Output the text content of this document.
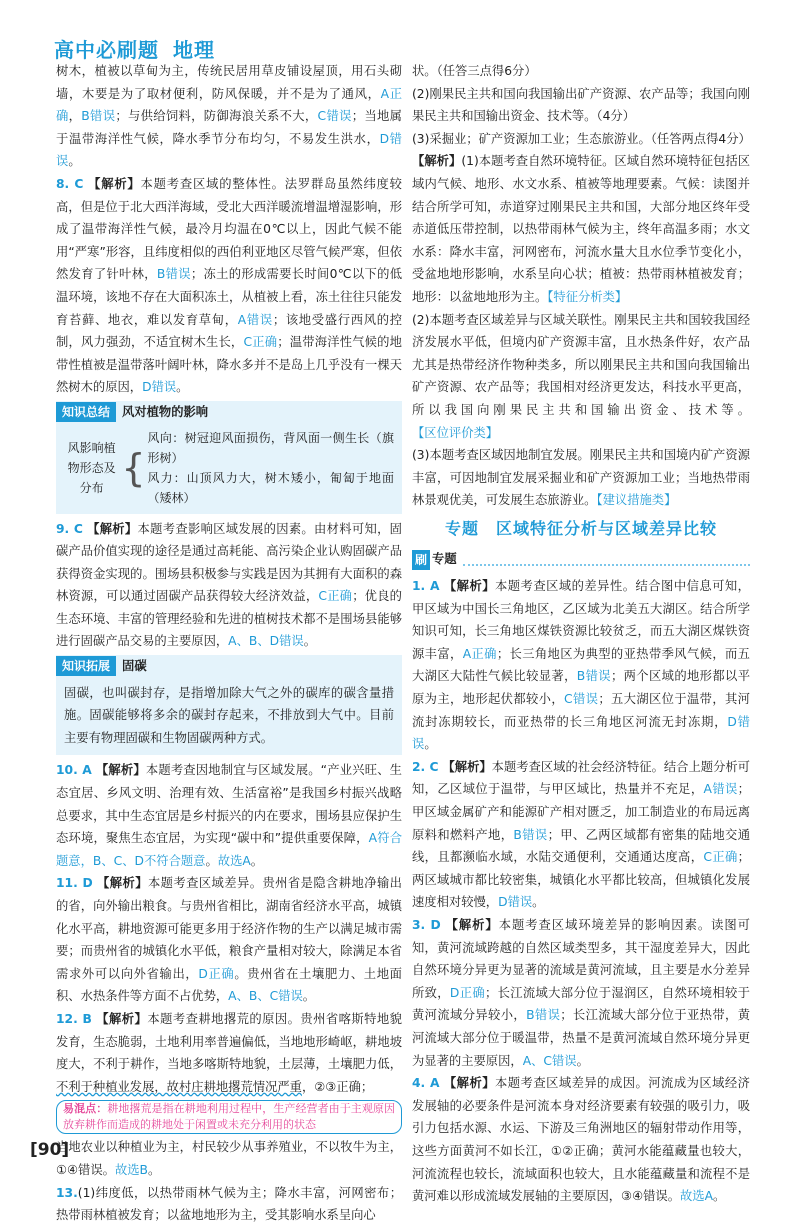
高中必刷题 地理

树木，植被以草甸为主，传统民居用草皮铺设屋顶，用石头砌墙，木要是为了取材便利，防风保暖，并不是为了通风，A正确，B错误；与供给饲料，防御海浪关系不大，C错误；当地属于温带海洋性气候，降水季节分布均匀，不易发生洪水，D错误。

8. C 【解析】本题考查区域的整体性。法罗群岛虽然纬度较高，但是位于北大西洋海域，受北大西洋暖流增温增湿影响，形成了温带海洋性气候，最冷月均温在0℃以上，因此气候不能用“严寒”形容，且纬度相似的西伯利亚地区尽管气候严寒，但依然发育了针叶林，B错误；冻土的形成需要长时间0℃以下的低温环境，该地不存在大面积冻土，从植被上看，冻土往往只能发育苔藓、地衣，难以发育草甸，A错误；该地受盛行西风的控制，风力强劲，不适宜树木生长，C正确；温带海洋性气候的地带性植被是温带落叶阔叶林，降水多并不是岛上几乎没有一棵天然树木的原因，D错误。

知识总结 风对植物的影响
风影响植物形态及分布 {
风向：树冠迎风面损伤，背风面一侧生长（旗形树）
风力：山顶风力大，树木矮小，匍匐于地面（矮林）

9. C 【解析】本题考查影响区域发展的因素。由材料可知，固碳产品价值实现的途径是通过高耗能、高污染企业认购固碳产品获得资金实现的。围场县积极参与实践是因为其拥有大面积的森林资源，可以通过固碳产品获得较大经济效益，C正确；优良的生态环境、丰富的管理经验和先进的植树技术都不是围场县能够进行固碳产品交易的主要原因，A、B、D错误。

知识拓展 固碳
固碳，也叫碳封存，是指增加除大气之外的碳库的碳含量措施。固碳能够将多余的碳封存起来，不排放到大气中。目前主要有物理固碳和生物固碳两种方式。

10. A 【解析】本题考查因地制宜与区域发展。“产业兴旺、生态宜居、乡风文明、治理有效、生活富裕”是我国乡村振兴战略总要求，其中生态宜居是乡村振兴的内在要求，围场县应保护生态环境，聚焦生态宜居，为实现“碳中和”提供重要保障，A符合题意，B、C、D不符合题意。故选A。

11. D 【解析】本题考查区域差异。贵州省是隐含耕地净输出的省，向外输出粮食。与贵州省相比，湖南省经济水平高，城镇化水平高，耕地资源可能更多用于经济作物的生产以满足城市需要；而贵州省的城镇化水平低，粮食产量相对较大，除满足本省需求外可以向外省输出，D正确。贵州省在土壤肥力、土地面积、水热条件等方面不占优势，A、B、C错误。

12. B 【解析】本题考查耕地撂荒的原因。贵州省喀斯特地貌发育，生态脆弱，土地利用率普遍偏低，当地地形崎岖，耕地坡度大，不利于耕作，当地多喀斯特地貌，土层薄，土壤肥力低，不利于种植业发展，故村庄耕地撂荒情况严重，②③正确；

易混点：耕地撂荒是指在耕地利用过程中，生产经营者由于主观原因放弃耕作而造成的耕地处于闲置或未充分利用的状态

当地农业以种植业为主，村民较少从事养殖业，不以牧牛为主，①④错误。故选B。

13.(1)纬度低，以热带雨林气候为主；降水丰富，河网密布；热带雨林植被发育；以盆地地形为主，受其影响水系呈向心

状。（任答三点得6分）

(2)刚果民主共和国向我国输出矿产资源、农产品等；我国向刚果民主共和国输出资金、技术等。（4分）

(3)采掘业；矿产资源加工业；生态旅游业。（任答两点得4分）

【解析】(1)本题考查自然环境特征。区域自然环境特征包括区域内气候、地形、水文水系、植被等地理要素。气候：读图并结合所学可知，赤道穿过刚果民主共和国，大部分地区终年受赤道低压带控制，以热带雨林气候为主，终年高温多雨；水文水系：降水丰富，河网密布，河流水量大且水位季节变化小，受盆地地形影响，水系呈向心状；植被：热带雨林植被发育；地形：以盆地地形为主。【特征分析类】

(2)本题考查区域差异与区域关联性。刚果民主共和国较我国经济发展水平低，但境内矿产资源丰富，且水热条件好，农产品尤其是热带经济作物种类多，所以刚果民主共和国向我国输出矿产资源、农产品等；我国相对经济更发达，科技水平更高，所以我国向刚果民主共和国输出资金、技术等。【区位评价类】

(3)本题考查区域因地制宜发展。刚果民主共和国境内矿产资源丰富，可因地制宜发展采掘业和矿产资源加工业；当地热带雨林景观优美，可发展生态旅游业。【建议措施类】

专题　区域特征分析与区域差异比较
刷 专题

1. A 【解析】本题考查区域的差异性。结合图中信息可知，甲区域为中国长三角地区，乙区域为北美五大湖区。结合所学知识可知，长三角地区煤铁资源比较贫乏，而五大湖区煤铁资源丰富，A正确；长三角地区为典型的亚热带季风气候，而五大湖区大陆性气候比较显著，B错误；两个区域的地形都以平原为主，地形起伏都较小，C错误；五大湖区位于温带，其河流封冻期较长，而亚热带的长三角地区河流无封冻期，D错误。

2. C 【解析】本题考查区域的社会经济特征。结合上题分析可知，乙区域位于温带，与甲区域比，热量并不充足，A错误；甲区域金属矿产和能源矿产相对匮乏，加工制造业的布局远离原料和燃料产地，B错误；甲、乙两区域都有密集的陆地交通线，且都濒临水域，水陆交通便利，交通通达度高，C正确；两区域城市都比较密集，城镇化水平都比较高，但城镇化发展速度相对较慢，D错误。

3. D 【解析】本题考查区域环境差异的影响因素。读图可知，黄河流域跨越的自然区域类型多，其干湿度差异大，因此自然环境分异更为显著的流域是黄河流域，且主要是水分差异所致，D正确；长江流域大部分位于湿润区，自然环境相较于黄河流域分异较小，B错误；长江流域大部分位于亚热带，黄河流域大部分位于暖温带，热量不是黄河流域自然环境分异更为显著的主要原因，A、C错误。

4. A 【解析】本题考查区域差异的成因。河流成为区域经济发展轴的必要条件是河流本身对经济要素有较强的吸引力，吸引力包括水源、水运、下游及三角洲地区的辐射带动作用等，这些方面黄河不如长江，①②正确；黄河水能蕴藏量也较大，河流流程也较长，流域面积也较大，且水能蕴藏量和流程不是黄河难以形成流域发展轴的主要原因，③④错误。故选A。

[90]
